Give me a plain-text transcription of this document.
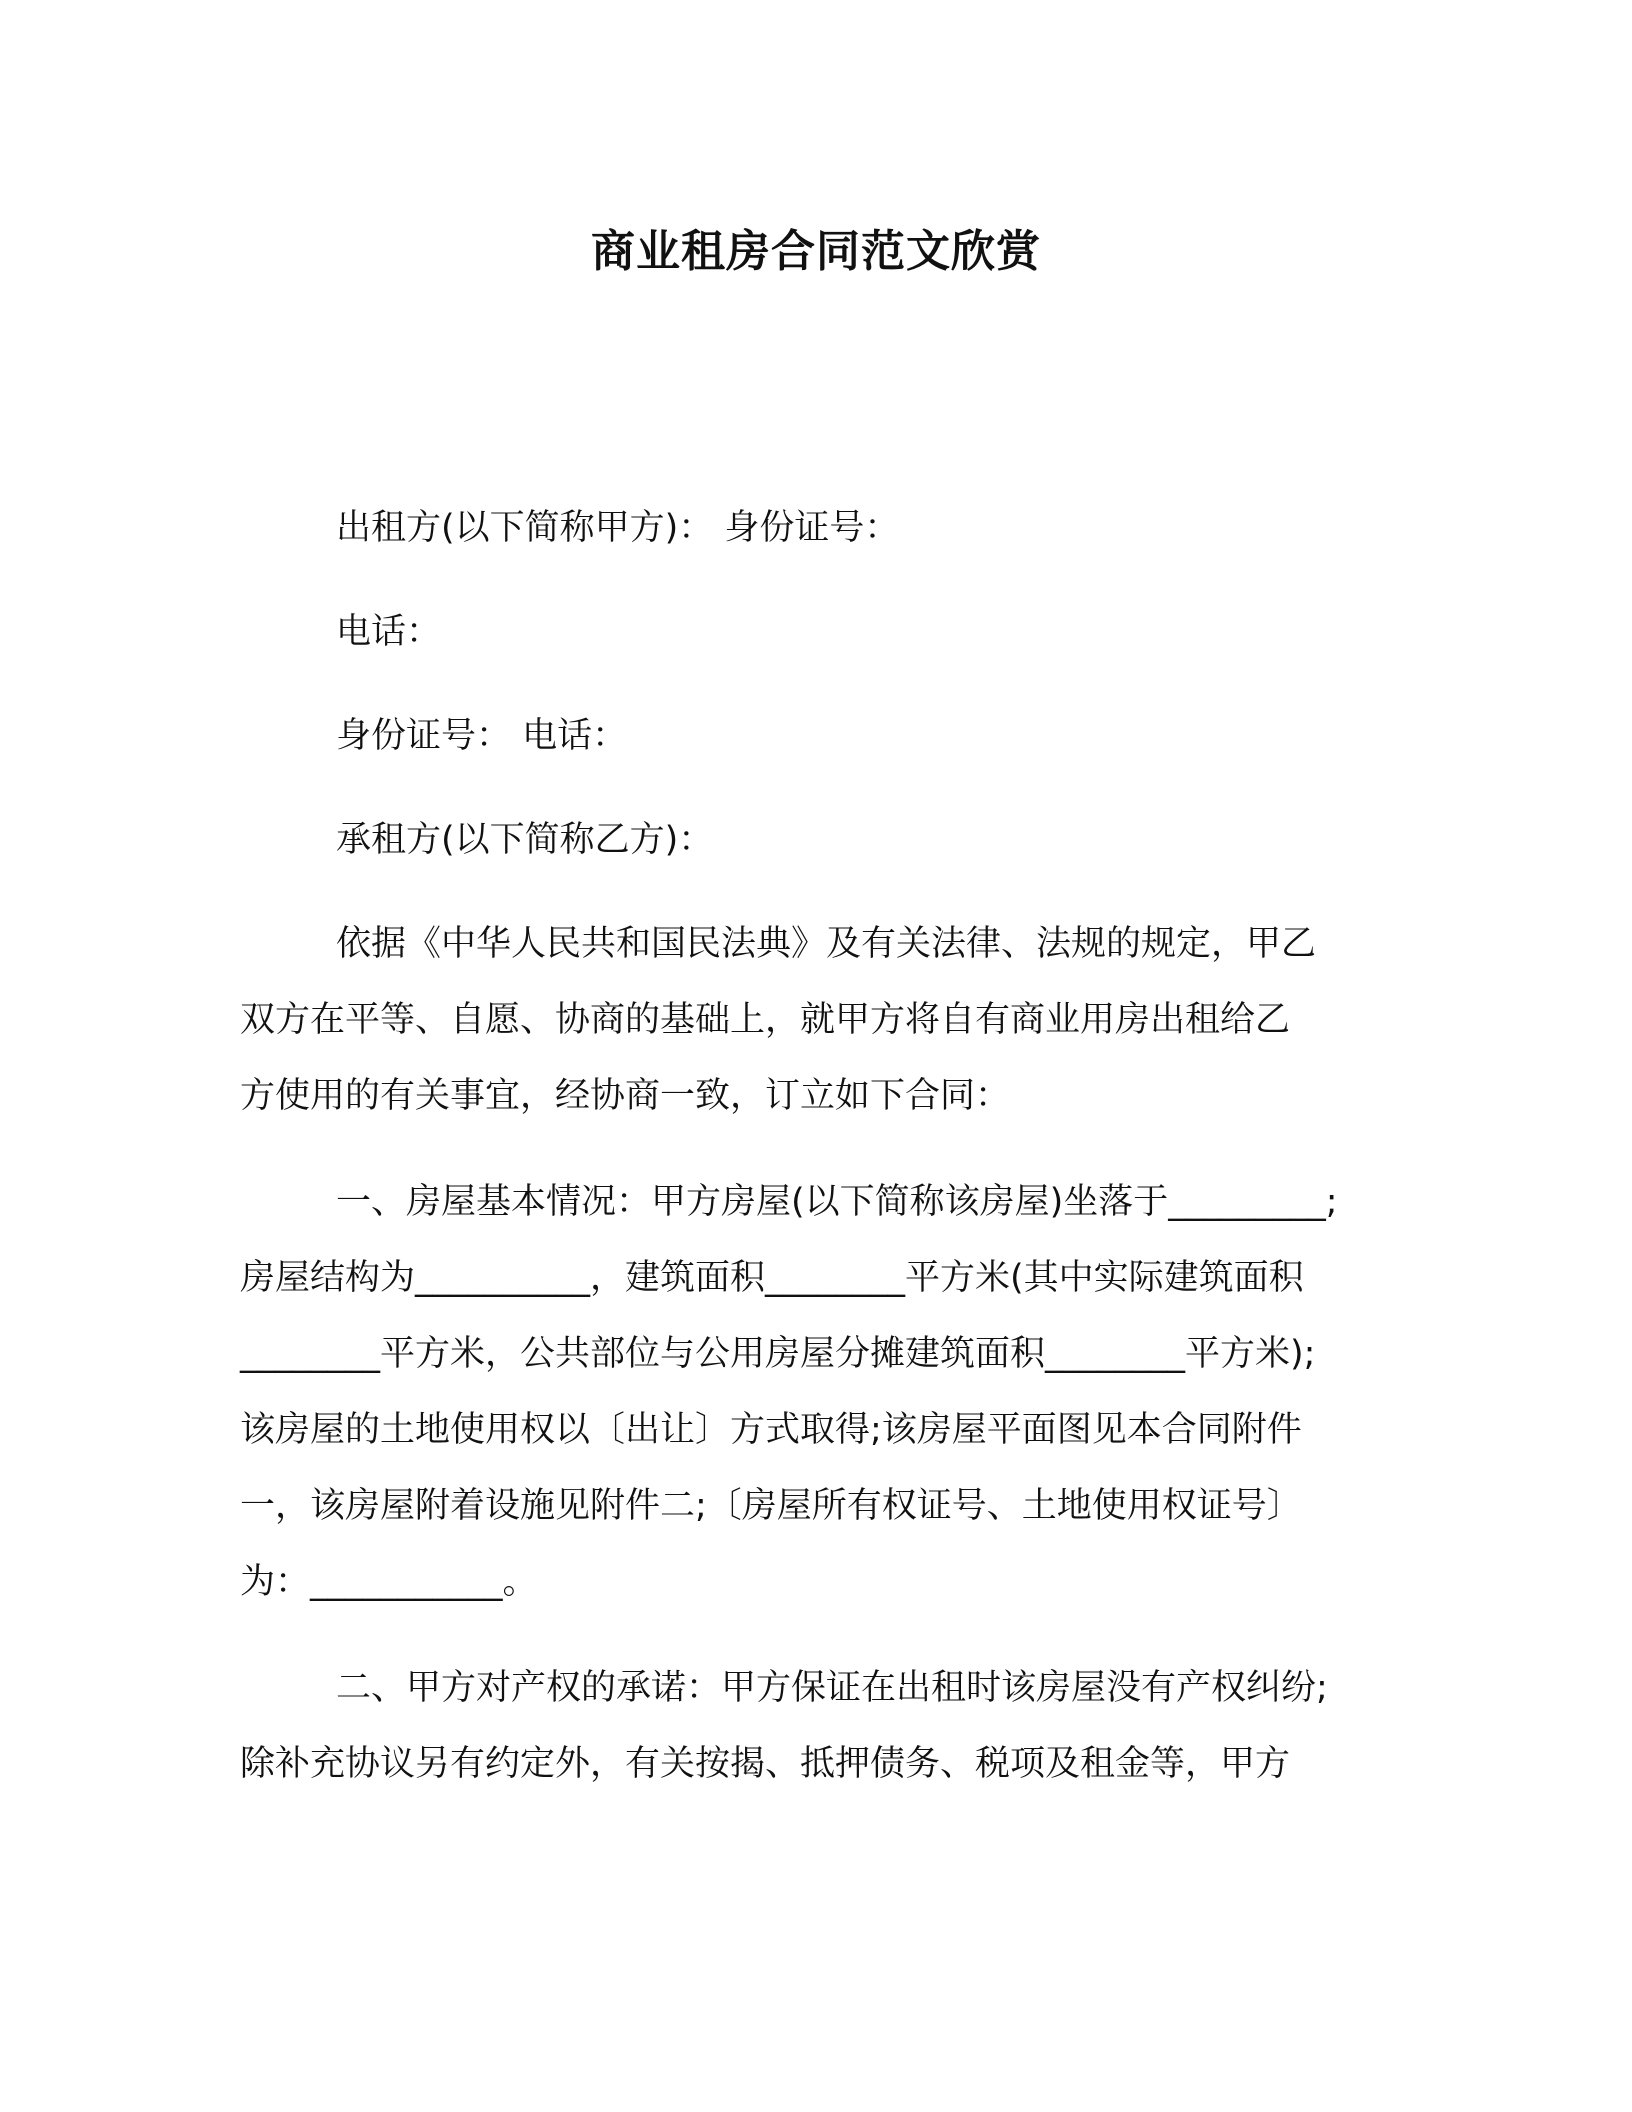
商业租房合同范文欣赏

出租方(以下简称甲方)： 身份证号：

电话：

身份证号： 电话：

承租方(以下简称乙方)：

依据《中华人民共和国民法典》及有关法律、法规的规定，甲乙

双方在平等、自愿、协商的基础上，就甲方将自有商业用房出租给乙

方使用的有关事宜，经协商一致，订立如下合同：

一、房屋基本情况：甲方房屋(以下简称该房屋)坐落于_________;

房屋结构为__________，建筑面积________平方米(其中实际建筑面积

________平方米，公共部位与公用房屋分摊建筑面积________平方米);

该房屋的土地使用权以〔出让〕方式取得;该房屋平面图见本合同附件

一，该房屋附着设施见附件二;〔房屋所有权证号、土地使用权证号〕

为：___________。

二、甲方对产权的承诺：甲方保证在出租时该房屋没有产权纠纷;

除补充协议另有约定外，有关按揭、抵押债务、税项及租金等，甲方
